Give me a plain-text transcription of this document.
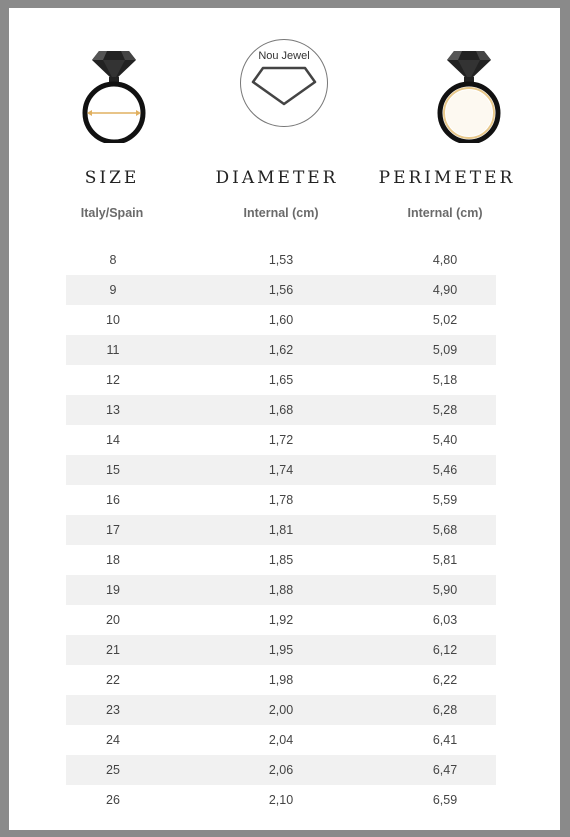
Nou Jewel
SIZE	DIAMETER	PERIMETER
Italy/Spain	Internal (cm)	Internal (cm)
8	1,53	4,80
9	1,56	4,90
10	1,60	5,02
11	1,62	5,09
12	1,65	5,18
13	1,68	5,28
14	1,72	5,40
15	1,74	5,46
16	1,78	5,59
17	1,81	5,68
18	1,85	5,81
19	1,88	5,90
20	1,92	6,03
21	1,95	6,12
22	1,98	6,22
23	2,00	6,28
24	2,04	6,41
25	2,06	6,47
26	2,10	6,59
